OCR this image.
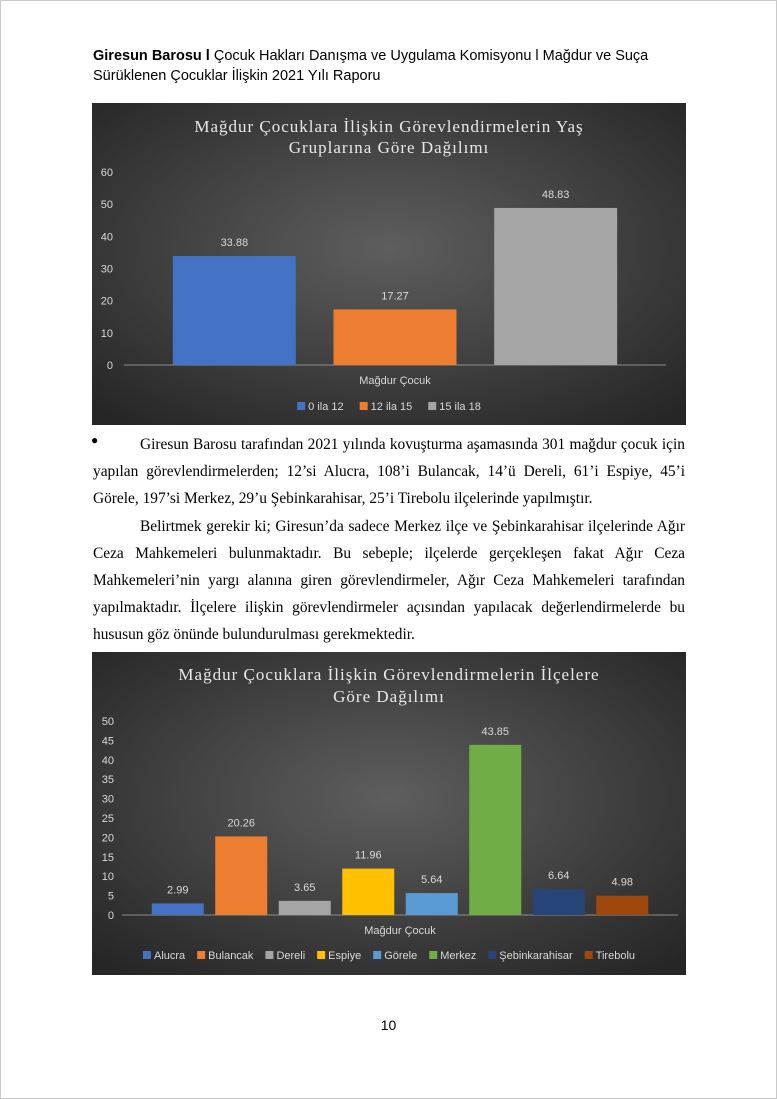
Giresun Barosu l Çocuk Hakları Danışma ve Uygulama Komisyonu l Mağdur ve Suça Sürüklenen Çocuklar İlişkin 2021 Yılı Raporu
Mağdur Çocuklara İlişkin Görevlendirmelerin Yaş
Gruplarına Göre Dağılımı
0
10
20
30
40
50
60
33.88
17.27
48.83
Mağdur Çocuk
0 ila 12 12 ila 15 15 ila 18
●	Giresun Barosu tarafından 2021 yılında kovuşturma aşamasında 301 mağdur çocuk için yapılan görevlendirmelerden; 12’si Alucra, 108’i Bulancak, 14’ü Dereli, 61’i Espiye, 45’i Görele, 197’si Merkez, 29’u Şebinkarahisar, 25’i Tirebolu ilçelerinde yapılmıştır.
Belirtmek gerekir ki; Giresun’da sadece Merkez ilçe ve Şebinkarahisar ilçelerinde Ağır Ceza Mahkemeleri bulunmaktadır. Bu sebeple; ilçelerde gerçekleşen fakat Ağır Ceza Mahkemeleri’nin yargı alanına giren görevlendirmeler, Ağır Ceza Mahkemeleri tarafından yapılmaktadır. İlçelere ilişkin görevlendirmeler açısından yapılacak değerlendirmelerde bu hususun göz önünde bulundurulması gerekmektedir.
Mağdur Çocuklara İlişkin Görevlendirmelerin İlçelere
Göre Dağılımı
0
5
10
15
20
25
30
35
40
45
50
2.99
20.26
3.65
11.96
5.64
43.85
6.64
4.98
Mağdur Çocuk
Alucra Bulancak Dereli Espiye Görele Merkez Şebinkarahisar Tirebolu
10
